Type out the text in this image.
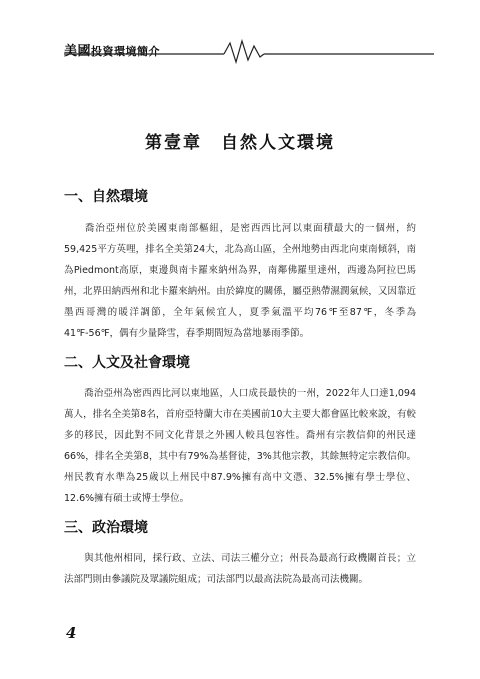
美國投資環境簡介
第壹章　自然人文環境
一、自然環境
喬治亞州位於美國東南部樞紐，是密西西比河以東面積最大的一個州，約59,425平方英哩，排名全美第24大，北為高山區，全州地勢由西北向東南傾斜，南為Piedmont高原，東邊與南卡羅來納州為界，南鄰佛羅里達州，西邊為阿拉巴馬州，北界田納西州和北卡羅來納州。由於緯度的關係，屬亞熱帶濕潤氣候，又因靠近墨西哥灣的暖洋調節，全年氣候宜人，夏季氣溫平均76℉至87℉，冬季為41℉-56℉，偶有少量降雪，春季期間短為當地暴雨季節。
二、人文及社會環境
喬治亞州為密西西比河以東地區，人口成長最快的一州，2022年人口達1,094萬人，排名全美第8名，首府亞特蘭大市在美國前10大主要大都會區比較來說，有較多的移民，因此對不同文化背景之外國人較具包容性。喬州有宗教信仰的州民達66%，排名全美第8，其中有79%為基督徒，3%其他宗教，其餘無特定宗教信仰。州民教育水準為25歲以上州民中87.9%擁有高中文憑、32.5%擁有學士學位、12.6%擁有碩士或博士學位。
三、政治環境
與其他州相同，採行政、立法、司法三權分立；州長為最高行政機關首長；立法部門則由參議院及眾議院組成；司法部門以最高法院為最高司法機關。
4
